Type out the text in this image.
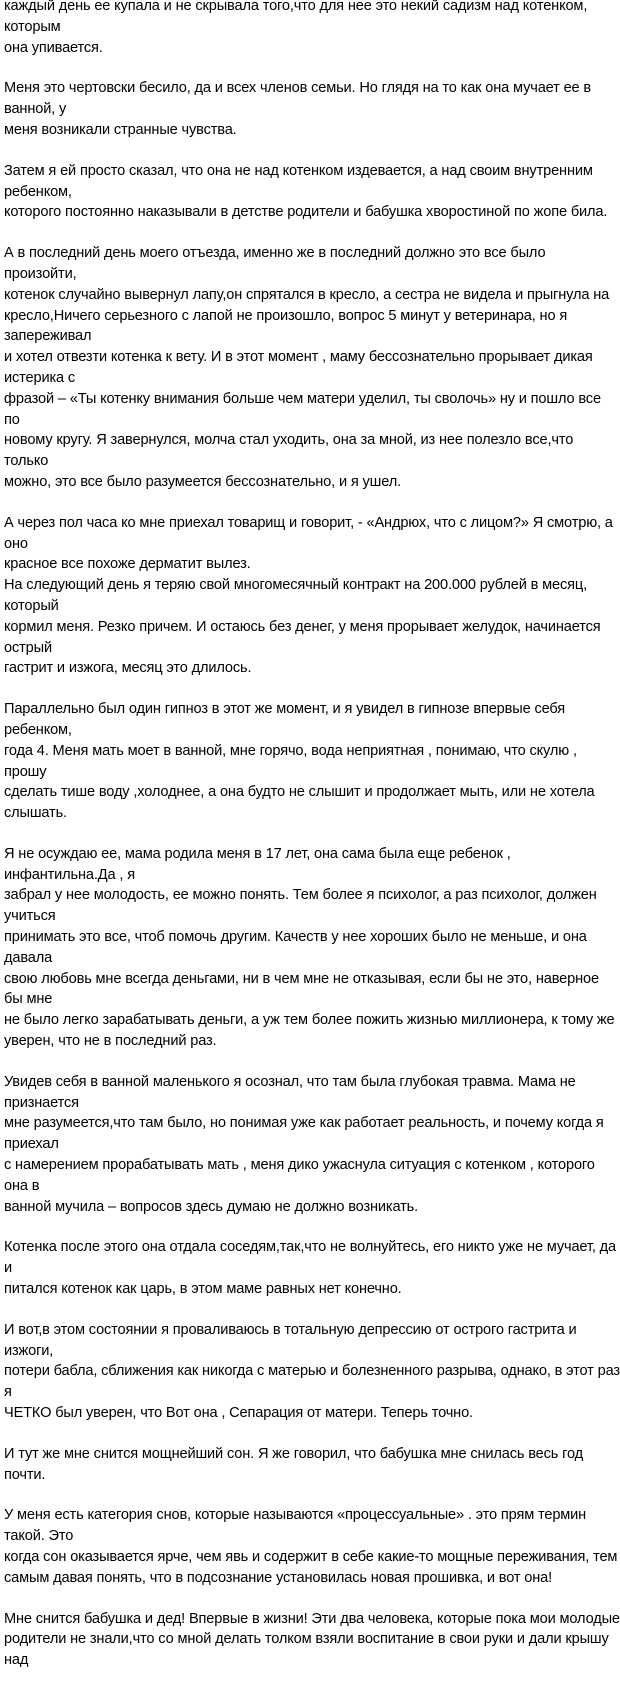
каждый день ее купала и не скрывала того,что для нее это некий садизм над котенком, которым
она упивается.

Меня это чертовски бесило, да и всех членов семьи. Но глядя на то как она мучает ее в ванной, у
меня возникали странные чувства.

Затем я ей просто сказал, что она не над котенком издевается, а над своим внутренним ребенком,
которого постоянно наказывали в детстве родители и бабушка хворостиной по жопе била.

А в последний день моего отъезда, именно же в последний должно это все было произойти,
котенок случайно вывернул лапу,он спрятался в кресло, а сестра не видела и прыгнула на
кресло,Ничего серьезного с лапой не произошло, вопрос 5 минут у ветеринара, но я запереживал
и хотел отвезти котенка к вету. И в этот момент , маму бессознательно прорывает дикая истерика с
фразой – «Ты котенку внимания больше чем матери уделил, ты сволочь» ну и пошло все по
новому кругу. Я завернулся, молча стал уходить, она за мной, из нее полезло все,что только
можно, это все было разумеется бессознательно, и я ушел.

А через пол часа ко мне приехал товарищ и говорит, - «Андрюх, что с лицом?» Я смотрю, а оно
красное все похоже дерматит вылез.

На следующий день я теряю свой многомесячный контракт на 200.000 рублей в месяц, который
кормил меня. Резко причем. И остаюсь без денег, у меня прорывает желудок, начинается острый
гастрит и изжога, месяц это длилось.

Параллельно был один гипноз в этот же момент, и я увидел в гипнозе впервые себя ребенком,
года 4. Меня мать моет в ванной, мне горячо, вода неприятная , понимаю, что скулю , прошу
сделать тише воду ,холоднее, а она будто не слышит и продолжает мыть, или не хотела слышать.

Я не осуждаю ее, мама родила меня в 17 лет, она сама была еще ребенок , инфантильна.Да , я
забрал у нее молодость, ее можно понять. Тем более я психолог, а раз психолог, должен учиться
принимать это все, чтоб помочь другим. Качеств у нее хороших было не меньше, и она давала
свою любовь мне всегда деньгами, ни в чем мне не отказывая, если бы не это, наверное бы мне
не было легко зарабатывать деньги, а уж тем более пожить жизнью миллионера, к тому же
уверен, что не в последний раз.

Увидев себя в ванной маленького я осознал, что там была глубокая травма. Мама не признается
мне разумеется,что там было, но понимая уже как работает реальность, и почему когда я приехал
с намерением прорабатывать мать , меня дико ужаснула ситуация с котенком , которого она в
ванной мучила – вопросов здесь думаю не должно возникать.

Котенка после этого она отдала соседям,так,что не волнуйтесь, его никто уже не мучает, да и
питался котенок как царь, в этом маме равных нет конечно.

И вот,в этом состоянии я проваливаюсь в тотальную депрессию от острого гастрита и изжоги,
потери бабла, сближения как никогда с матерью и болезненного разрыва, однако, в этот раз я
ЧЕТКО был уверен, что Вот она , Сепарация от матери. Теперь точно.

И тут же мне снится мощнейший сон. Я же говорил, что бабушка мне снилась весь год почти.

У меня есть категория снов, которые называются «процессуальные» . это прям термин такой. Это
когда сон оказывается ярче, чем явь и содержит в себе какие-то мощные переживания, тем
самым давая понять, что в подсознание установилась новая прошивка, и вот она!

Мне снится бабушка и дед! Впервые в жизни! Эти два человека, которые пока мои молодые
родители не знали,что со мной делать толком взяли воспитание в свои руки и дали крышу над
